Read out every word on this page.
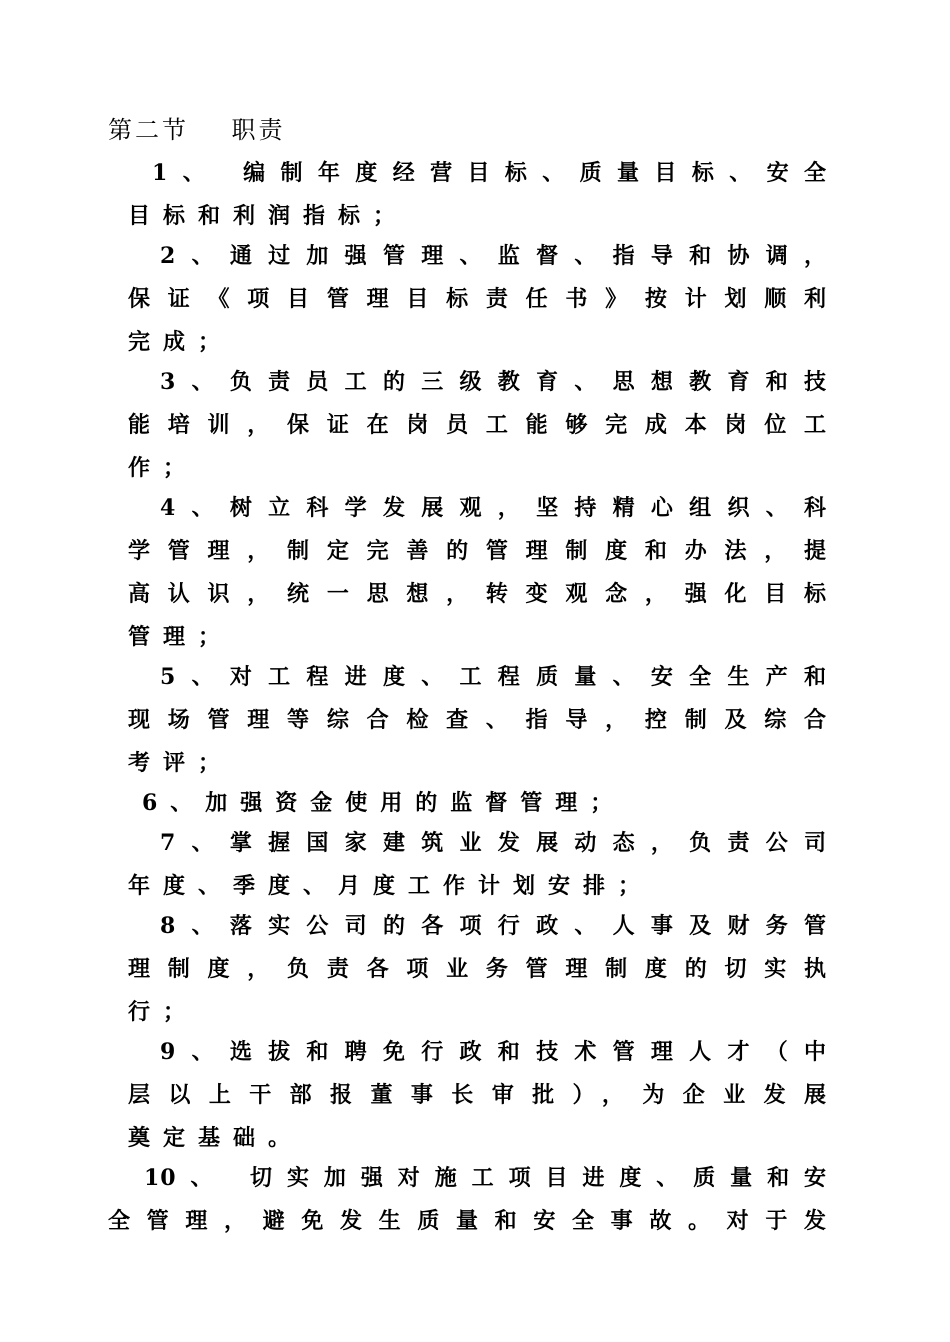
第二节    职责
1、 编制年度经营目标、质量目标、安全
目标和利润指标；
2、通过加强管理、监督、指导和协调，
保证《项目管理目标责任书》按计划顺利
完成；
3、负责员工的三级教育、思想教育和技
能培训，保证在岗员工能够完成本岗位工
作；
4、树立科学发展观，坚持精心组织、科
学管理，制定完善的管理制度和办法，提
高认识，统一思想，转变观念，强化目标
管理；
5、对工程进度、工程质量、安全生产和
现场管理等综合检查、指导，控制及综合
考评；
6、加强资金使用的监督管理；
7、掌握国家建筑业发展动态，负责公司
年度、季度、月度工作计划安排；
8、落实公司的各项行政、人事及财务管
理制度，负责各项业务管理制度的切实执
行；
9、选拔和聘免行政和技术管理人才（中
层以上干部报董事长审批），为企业发展
奠定基础。
10、 切实加强对施工项目进度、质量和安
全管理，避免发生质量和安全事故。对于发
